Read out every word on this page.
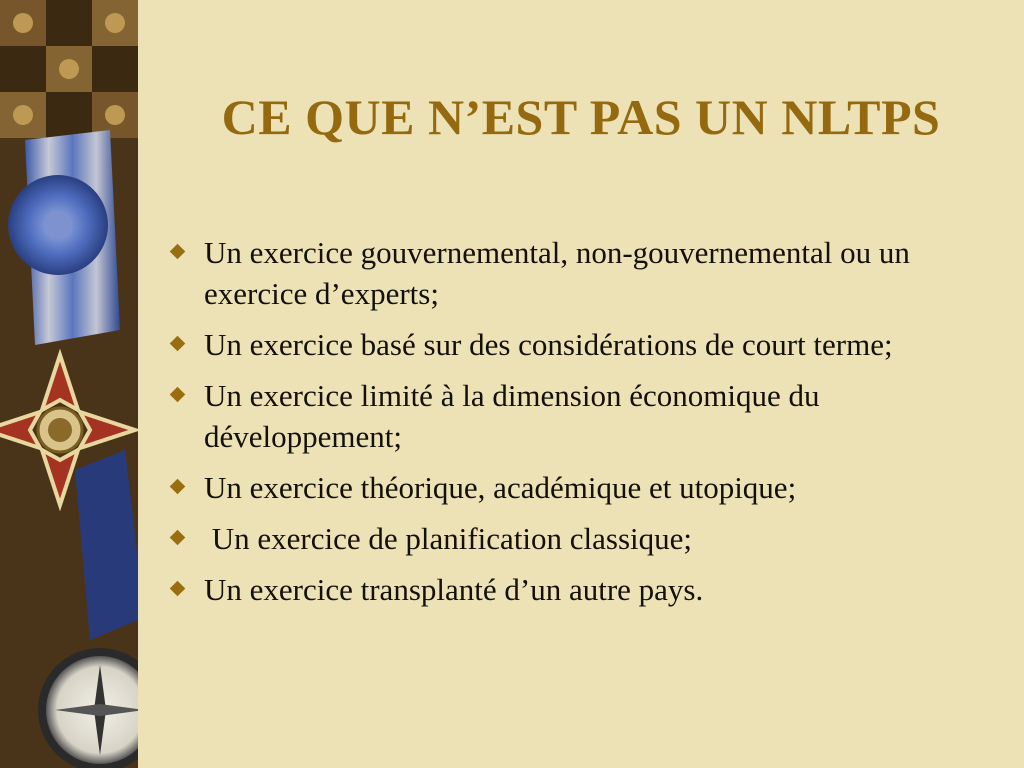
CE QUE N’EST PAS UN NLTPS
Un exercice gouvernemental, non-gouvernemental ou un exercice d’experts;
Un exercice basé sur des considérations de court terme;
Un exercice limité à la dimension économique du développement;
Un exercice théorique, académique et utopique;
Un exercice de planification classique;
Un exercice transplanté d’un autre pays.
